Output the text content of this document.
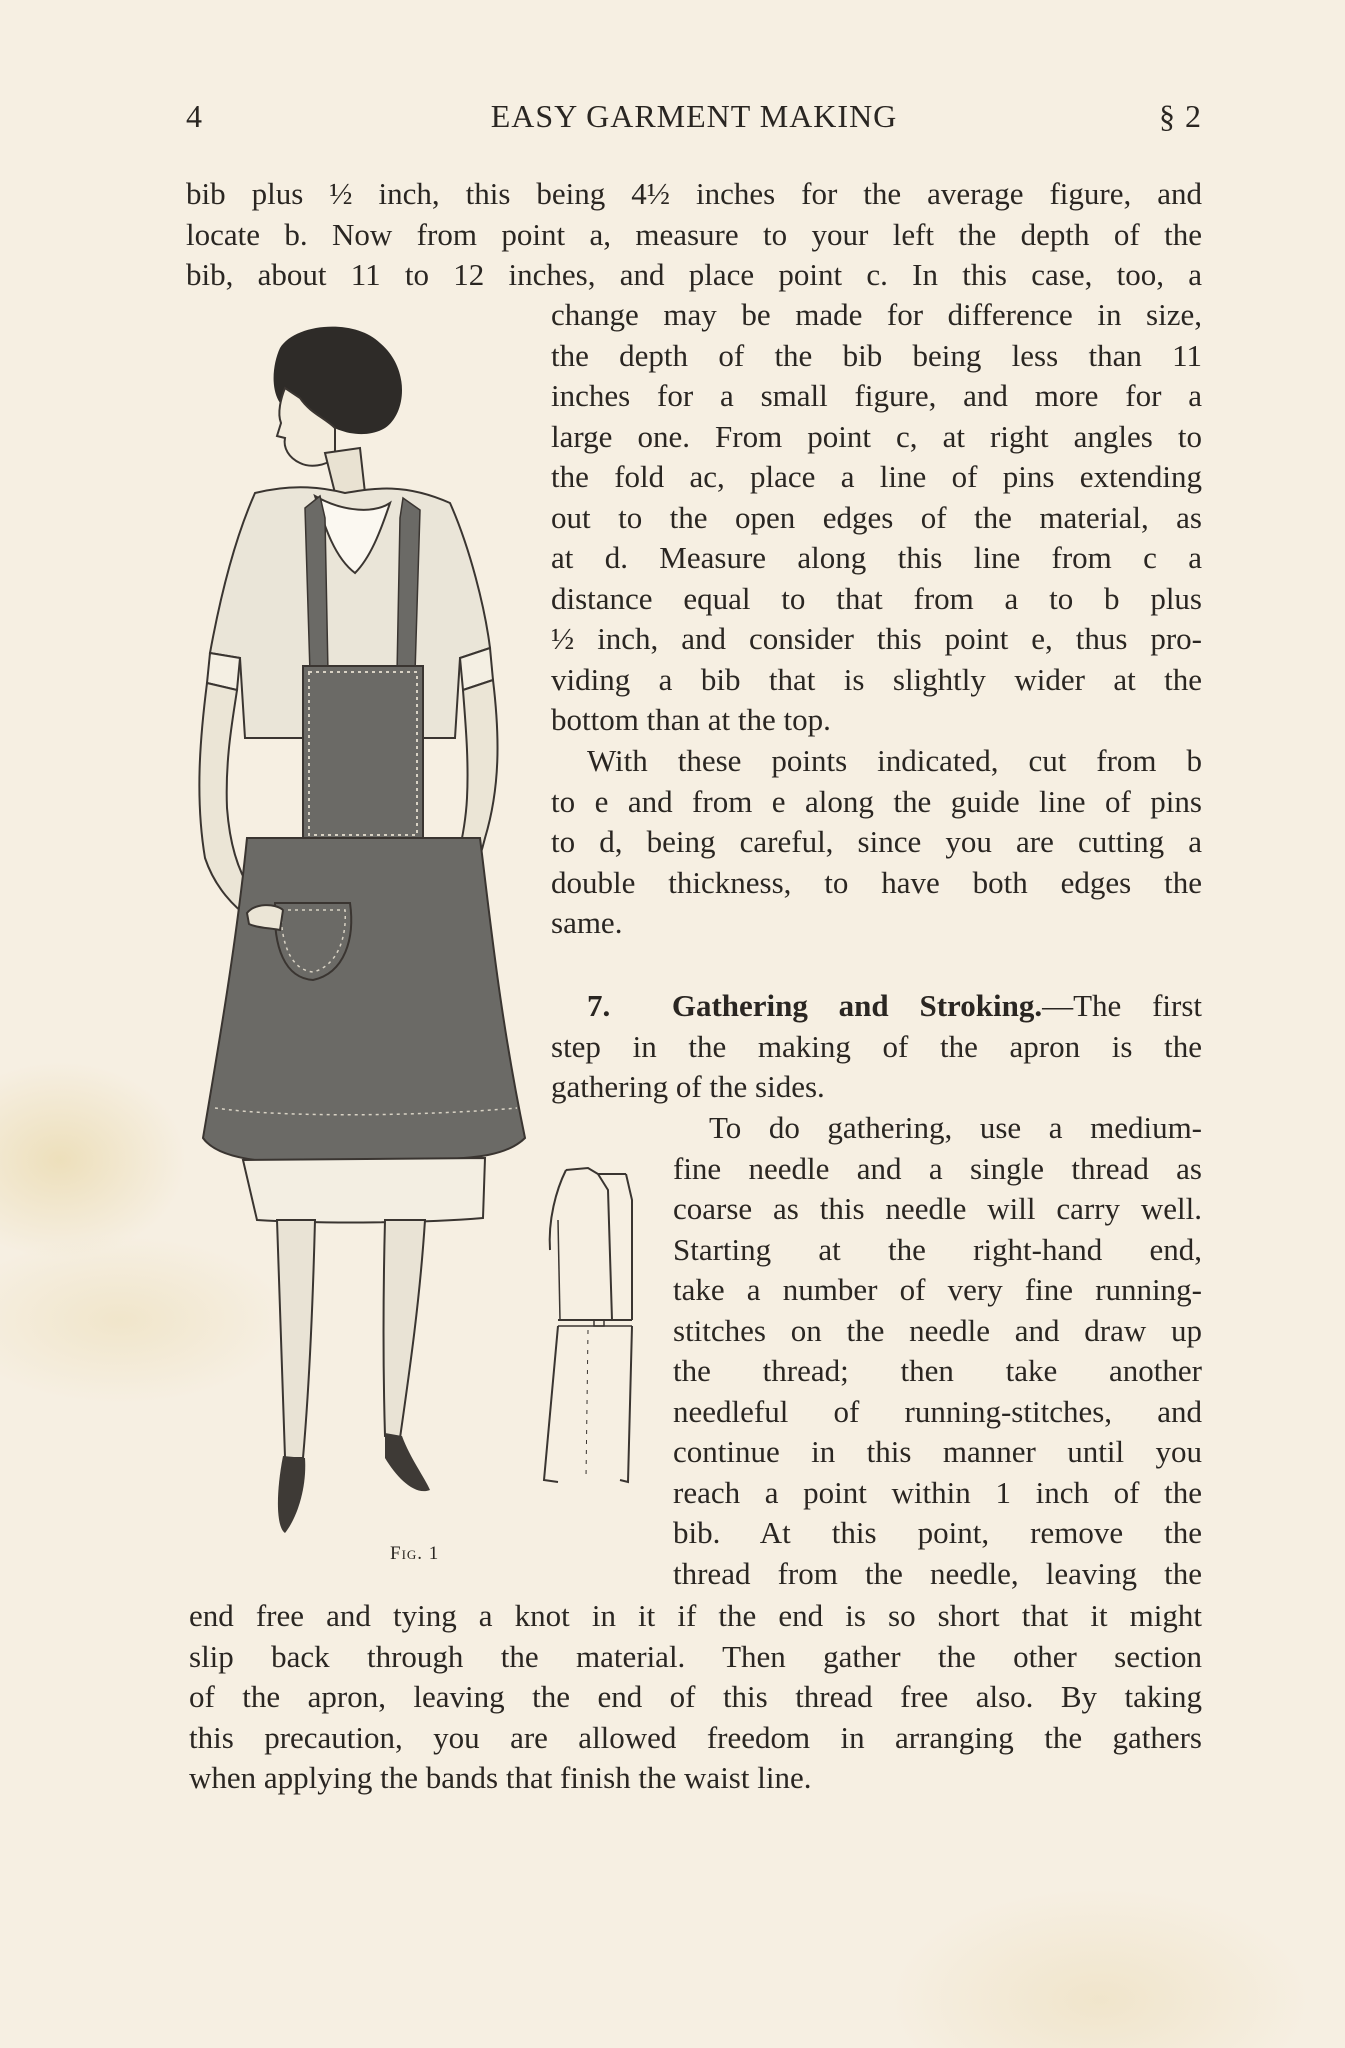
4	EASY GARMENT MAKING	§ 2

bib plus ½ inch, this being 4½ inches for the average figure, and

locate b. Now from point a, measure to your left the depth of the

bib, about 11 to 12 inches, and place point c. In this case, too, a

change may be made for difference in size,

the depth of the bib being less than 11

inches for a small figure, and more for a

large one. From point c, at right angles to

the fold ac, place a line of pins extending

out to the open edges of the material, as

at d. Measure along this line from c a

distance equal to that from a to b plus

½ inch, and consider this point e, thus pro-

viding a bib that is slightly wider at the

bottom than at the top.

With these points indicated, cut from b

to e and from e along the guide line of pins

to d, being careful, since you are cutting a

double thickness, to have both edges the

same.

7. Gathering and Stroking.—The first

step in the making of the apron is the

gathering of the sides.

To do gathering, use a medium-

fine needle and a single thread as

coarse as this needle will carry well.

Starting at the right-hand end,

take a number of very fine running-

stitches on the needle and draw up

the thread; then take another

needleful of running-stitches, and

continue in this manner until you

reach a point within 1 inch of the

bib. At this point, remove the

thread from the needle, leaving the

end free and tying a knot in it if the end is so short that it might

slip back through the material. Then gather the other section

of the apron, leaving the end of this thread free also. By taking

this precaution, you are allowed freedom in arranging the gathers

when applying the bands that finish the waist line.

Fig. 1
